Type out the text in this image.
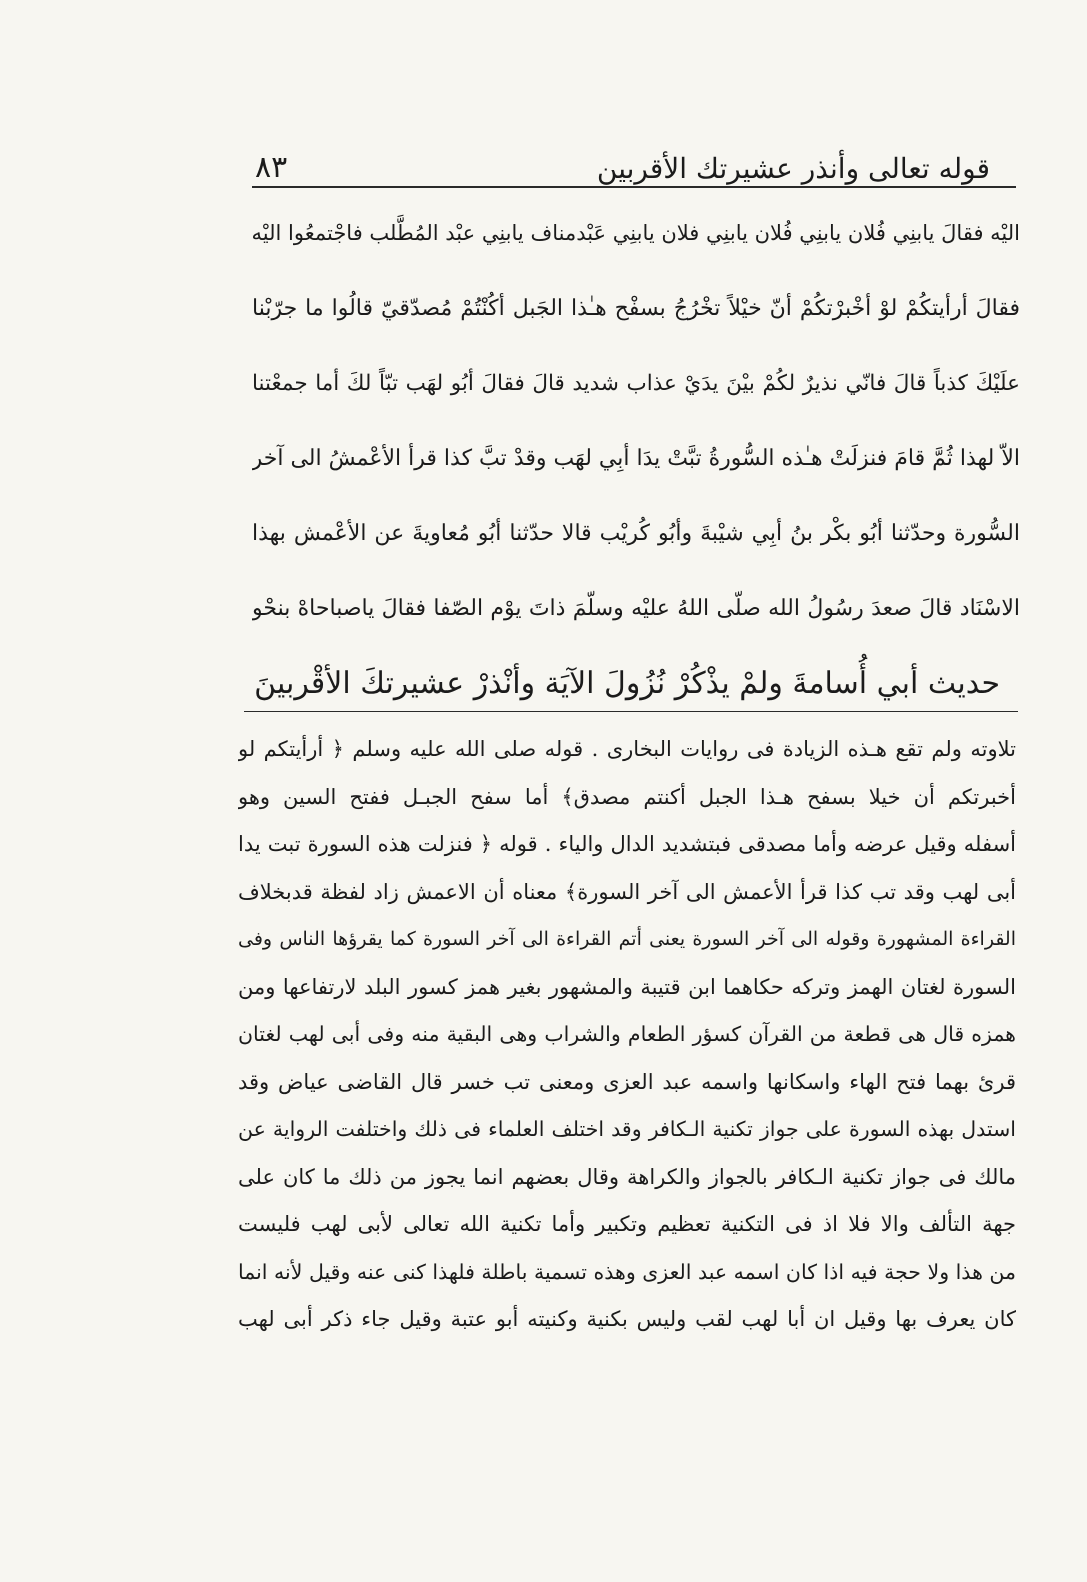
قوله تعالى وأنذر عشيرتك الأقربين
٨٣
اليْه فقالَ يابنِي فُلان يابنِي فُلان يابنِي فلان يابنِي عَبْدمناف يابنِي عبْد المُطَّلب فاجْتمعُوا اليْه
فقالَ أرأيتكُمْ لوْ أخْبرْتكُمْ أنّ خيْلاً تخْرُجُ بسفْح هـٰذا الجَبل أكُنْتُمْ مُصدّقيّ قالُوا ما جرّبْنا
علَيْكَ كذباً قالَ فانّي نذيرٌ لكُمْ بيْنَ يدَيْ عذاب شديد قالَ فقالَ أبُو لهَب تبّاً لكَ أما جمعْتنا
الاّ لهذا ثُمَّ قامَ فنزلَتْ هـٰذه السُّورةُ تبَّتْ يدَا أبِي لهَب وقدْ تبَّ كذا قرأ الأعْمشُ الى آخر
السُّورة وحدّثنا أبُو بكْر بنُ أبِي شيْبةَ وأبُو كُريْب قالا حدّثنا أبُو مُعاويةَ عن الأعْمش بهذا
الاسْنَاد قالَ صعدَ رسُولُ الله صلّى اللهُ عليْه وسلّمَ ذاتَ يوْم الصّفا فقالَ ياصباحاهْ بنحْو
حديث أبي أُسامةَ ولمْ يذْكُرْ نُزُولَ الآيَة وأنْذرْ عشيرتكَ الأقْربينَ
تلاوته ولم تقع هـذه الزيادة فى روايات البخارى . قوله صلى الله عليه وسلم ﴿ أرأيتكم لو
أخبرتكم أن خيلا بسفح هـذا الجبل أكنتم مصدق﴾ أما سفح الجبـل ففتح السين وهو
أسفله وقيل عرضه وأما مصدقى فبتشديد الدال والياء . قوله ﴿ فنزلت هذه السورة تبت يدا
أبى لهب وقد تب كذا قرأ الأعمش الى آخر السورة﴾ معناه أن الاعمش زاد لفظة قدبخلاف
القراءة المشهورة وقوله الى آخر السورة يعنى أتم القراءة الى آخر السورة كما يقرؤها الناس وفى
السورة لغتان الهمز وتركه حكاهما ابن قتيبة والمشهور بغير همز كسور البلد لارتفاعها ومن
همزه قال هى قطعة من القرآن كسؤر الطعام والشراب وهى البقية منه وفى أبى لهب لغتان
قرئ بهما فتح الهاء واسكانها واسمه عبد العزى ومعنى تب خسر قال القاضى عياض وقد
استدل بهذه السورة على جواز تكنية الـكافر وقد اختلف العلماء فى ذلك واختلفت الرواية عن
مالك فى جواز تكنية الـكافر بالجواز والكراهة وقال بعضهم انما يجوز من ذلك ما كان على
جهة التألف والا فلا اذ فى التكنية تعظيم وتكبير وأما تكنية الله تعالى لأبى لهب فليست
من هذا ولا حجة فيه اذا كان اسمه عبد العزى وهذه تسمية باطلة فلهذا كنى عنه وقيل لأنه انما
كان يعرف بها وقيل ان أبا لهب لقب وليس بكنية وكنيته أبو عتبة وقيل جاء ذكر أبى لهب
